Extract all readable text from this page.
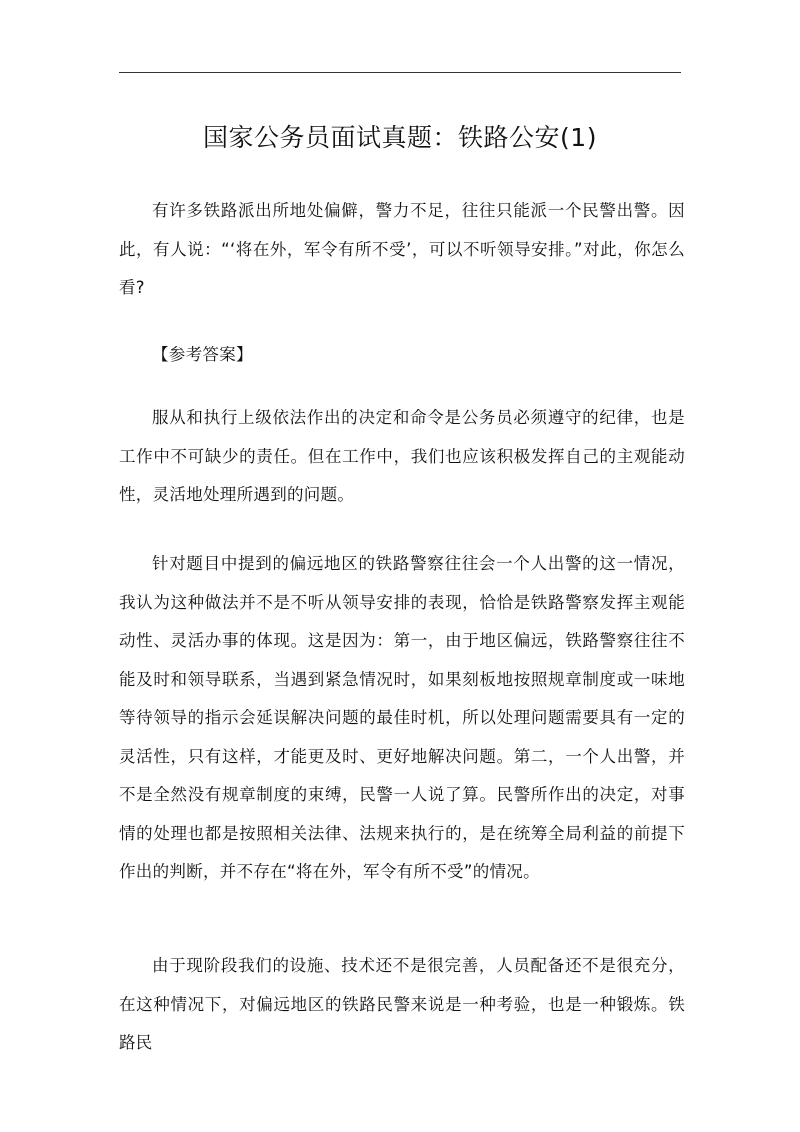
国家公务员面试真题：铁路公安(1)

有许多铁路派出所地处偏僻，警力不足，往往只能派一个民警出警。因此，有人说：“‘将在外，军令有所不受’，可以不听领导安排。”对此，你怎么看?

【参考答案】

服从和执行上级依法作出的决定和命令是公务员必须遵守的纪律，也是工作中不可缺少的责任。但在工作中，我们也应该积极发挥自己的主观能动性，灵活地处理所遇到的问题。

针对题目中提到的偏远地区的铁路警察往往会一个人出警的这一情况，我认为这种做法并不是不听从领导安排的表现，恰恰是铁路警察发挥主观能动性、灵活办事的体现。这是因为：第一，由于地区偏远，铁路警察往往不能及时和领导联系，当遇到紧急情况时，如果刻板地按照规章制度或一味地等待领导的指示会延误解决问题的最佳时机，所以处理问题需要具有一定的灵活性，只有这样，才能更及时、更好地解决问题。第二，一个人出警，并不是全然没有规章制度的束缚，民警一人说了算。民警所作出的决定，对事情的处理也都是按照相关法律、法规来执行的，是在统筹全局利益的前提下作出的判断，并不存在“将在外，军令有所不受”的情况。

由于现阶段我们的设施、技术还不是很完善，人员配备还不是很充分，在这种情况下，对偏远地区的铁路民警来说是一种考验，也是一种锻炼。铁路民
